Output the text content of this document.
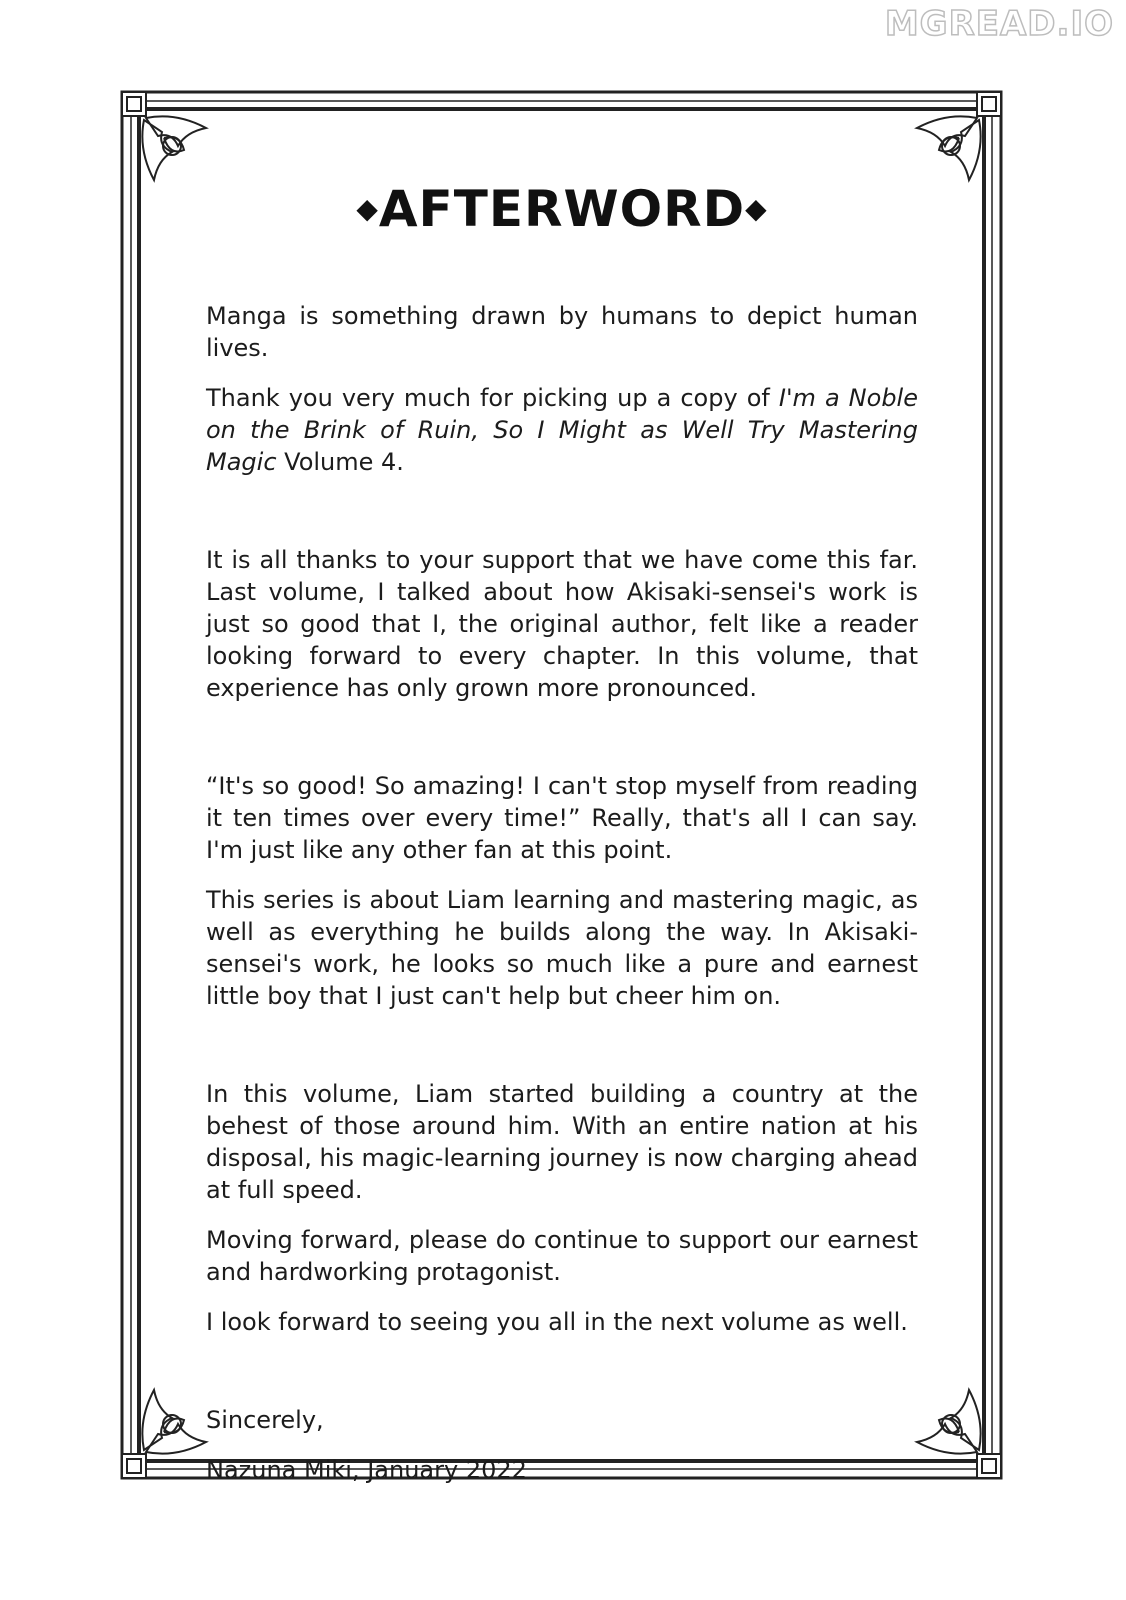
MGREAD.IO
◆AFTERWORD◆

Manga is something drawn by humans to depict human lives.

Thank you very much for picking up a copy of I'm a Noble on the Brink of Ruin, So I Might as Well Try Mastering Magic Volume 4.

It is all thanks to your support that we have come this far. Last volume, I talked about how Akisaki-sensei's work is just so good that I, the original author, felt like a reader looking forward to every chapter. In this volume, that experience has only grown more pronounced.

“It's so good! So amazing! I can't stop myself from reading it ten times over every time!” Really, that's all I can say. I'm just like any other fan at this point.

This series is about Liam learning and mastering magic, as well as everything he builds along the way. In Akisaki-sensei's work, he looks so much like a pure and earnest little boy that I just can't help but cheer him on.

In this volume, Liam started building a country at the behest of those around him. With an entire nation at his disposal, his magic-learning journey is now charging ahead at full speed.

Moving forward, please do continue to support our earnest and hardworking protagonist.

I look forward to seeing you all in the next volume as well.

Sincerely,

Nazuna Miki, January 2022
